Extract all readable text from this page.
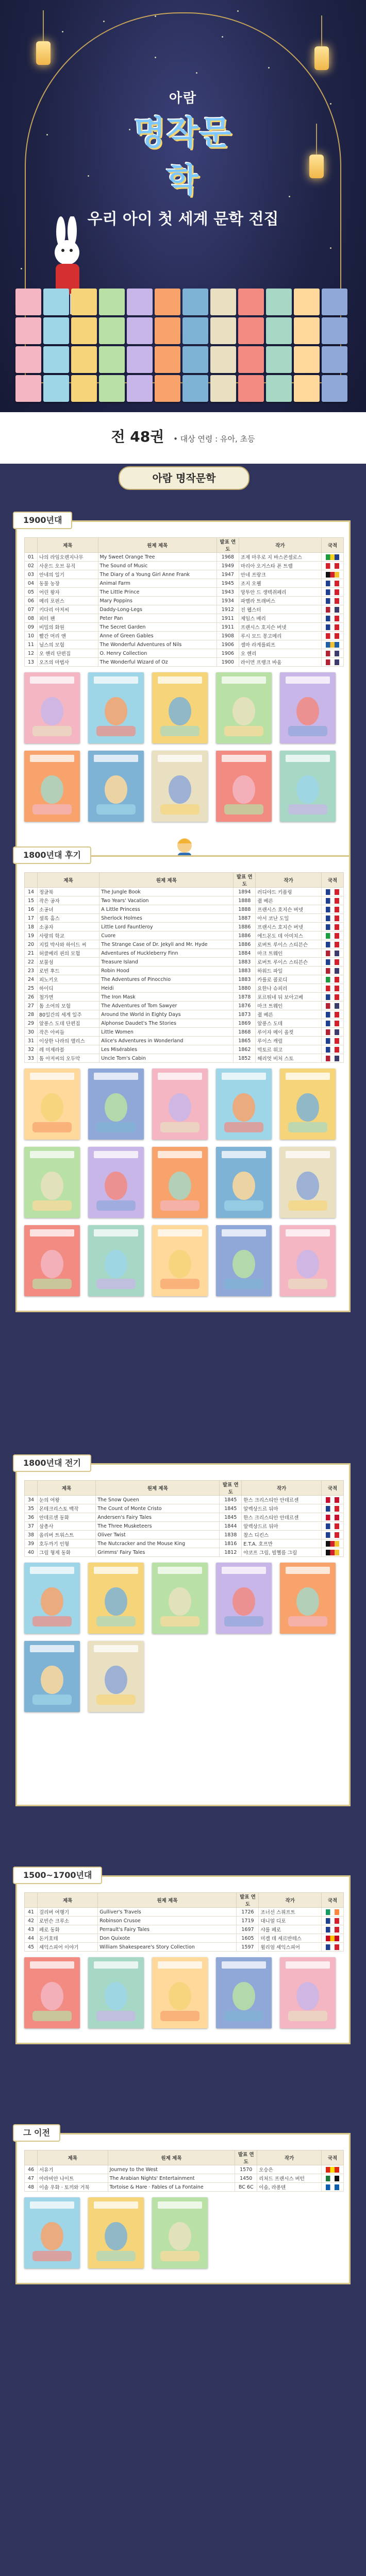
아람
명작문학
우리 아이 첫 세계 문학 전집
전 48권 • 대상 연령 : 유아, 초등
아람 명작문학
1900년대
	제목	원제 제목	발표 연도	작가	국적
01	나의 라임오렌지나무	My Sweet Orange Tree	1968	조제 마우로 지 바스콘셀로스	

02	사운드 오브 뮤직	The Sound of Music	1949	마리아 오거스타 폰 트랩	

03	안네의 일기	The Diary of a Young Girl Anne Frank	1947	안네 프랑크	

04	동물 농장	Animal Farm	1945	조지 오웰	

05	어린 왕자	The Little Prince	1943	앙투안 드 생텍쥐페리	

06	메리 포핀스	Mary Poppins	1934	파멜라 트래버스	

07	키다리 아저씨	Daddy-Long-Legs	1912	진 웹스터	

08	피터 팬	Peter Pan	1911	제임스 배리	

09	비밀의 화원	The Secret Garden	1911	프랜시스 호지슨 버넷	

10	빨간 머리 앤	Anne of Green Gables	1908	루시 모드 몽고메리	

11	닐스의 모험	The Wonderful Adventures of Nils	1906	셀마 라게를뢰프	

12	오 헨리 단편집	O. Henry Collection	1906	오 헨리	

13	오즈의 마법사	The Wonderful Wizard of Oz	1900	라이먼 프랭크 바움	
1800년대 후기
	제목	원제 제목	발표 연도	작가	국적
14	정글북	The Jungle Book	1894	러디야드 키플링	

15	작은 공자	Two Years' Vacation	1888	쥘 베른	

16	소공녀	A Little Princess	1888	프랜시스 호지슨 버넷	

17	셜록 홈스	Sherlock Holmes	1887	아서 코난 도일	

18	소공자	Little Lord Fauntleroy	1886	프랜시스 호지슨 버넷	

19	사랑의 학교	Cuore	1886	에드몬도 데 아미치스	

20	지킬 박사와 하이드 씨	The Strange Case of Dr. Jekyll and Mr. Hyde	1886	로버트 루이스 스티븐슨	

21	허클베리 핀의 모험	Adventures of Huckleberry Finn	1884	마크 트웨인	

22	보물섬	Treasure Island	1883	로버트 루이스 스티븐슨	

23	로빈 후드	Robin Hood	1883	하워드 파일	

24	피노키오	The Adventures of Pinocchio	1883	카를로 콜로디	

25	하이디	Heidi	1880	요한나 슈피리	

26	철가면	The Iron Mask	1878	포르튀네 뒤 보아고베	

27	톰 소여의 모험	The Adventures of Tom Sawyer	1876	마크 트웨인	

28	80일간의 세계 일주	Around the World in Eighty Days	1873	쥘 베른	

29	알퐁스 도데 단편집	Alphonse Daudet's The Stories	1869	알퐁스 도데	

30	작은 아씨들	Little Women	1868	루이자 메이 올컷	

31	이상한 나라의 앨리스	Alice's Adventures in Wonderland	1865	루이스 캐럴	

32	레 미제라블	Les Misérables	1862	빅토르 위고	

33	톰 아저씨의 오두막	Uncle Tom's Cabin	1852	해리엇 비처 스토	
1800년대 전기
	제목	원제 제목	발표 연도	작가	국적
34	눈의 여왕	The Snow Queen	1845	한스 크리스티안 안데르센	

35	몬테크리스토 백작	The Count of Monte Cristo	1845	알렉상드르 뒤마	

36	안데르센 동화	Andersen's Fairy Tales	1845	한스 크리스티안 안데르센	

37	삼총사	The Three Musketeers	1844	알렉상드르 뒤마	

38	올리버 트위스트	Oliver Twist	1838	찰스 디킨스	

39	호두까기 인형	The Nutcracker and the Mouse King	1816	E.T.A. 호프만	

40	그림 형제 동화	Grimms' Fairy Tales	1812	야코프 그림, 빌헬름 그림	
1500~1700년대
	제목	원제 제목	발표 연도	작가	국적
41	걸리버 여행기	Gulliver's Travels	1726	조너선 스위프트	

42	로빈슨 크루소	Robinson Crusoe	1719	대니얼 디포	

43	페로 동화	Perrault's Fairy Tales	1697	샤를 페로	

44	돈키호테	Don Quixote	1605	미겔 데 세르반테스	

45	셰익스피어 이야기	William Shakespeare's Story Collection	1597	윌리엄 셰익스피어	
그 이전
	제목	원제 제목	발표 연도	작가	국적
46	서유기	Journey to the West	1570	오승은	

47	아라비안 나이트	The Arabian Nights' Entertainment	1450	리처드 프랜시스 버턴	

48	이솝 우화 · 토끼와 거북	Tortoise & Hare · Fables of La Fontaine	BC 6C	이솝, 라퐁텐	
